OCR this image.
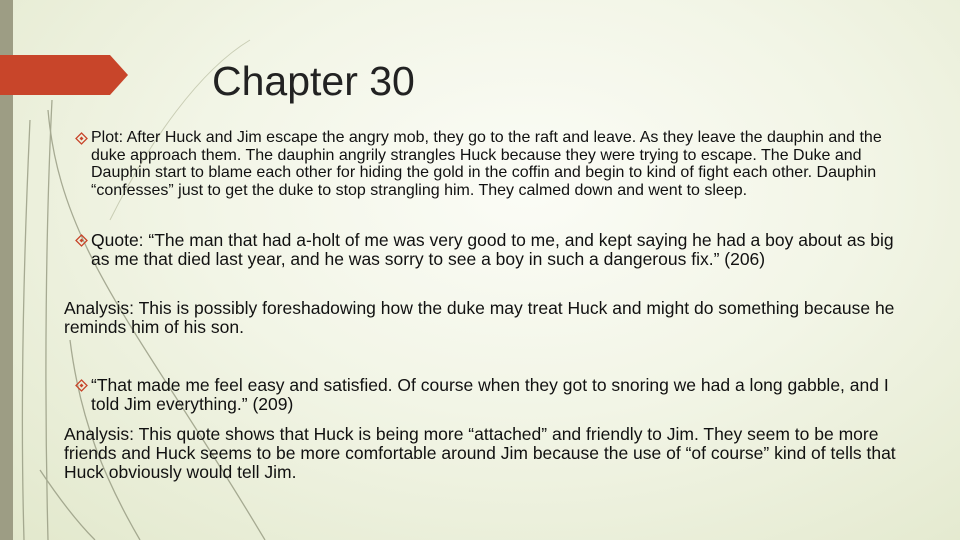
Chapter 30
Plot: After Huck and Jim escape the angry mob, they go to the raft and leave. As they leave the dauphin and the duke approach them. The dauphin angrily strangles Huck because they were trying to escape. The Duke and Dauphin start to blame each other for hiding the gold in the coffin and begin to kind of fight each other. Dauphin “confesses” just to get the duke to stop strangling him. They calmed down and went to sleep.
Quote: “The man that had a-holt of me was very good to me, and kept saying he had a boy about as big as me that died last year, and he was sorry to see a boy in such a dangerous fix.” (206)
Analysis: This is possibly foreshadowing how the duke may treat Huck and might do something because he reminds him of his son.
“That made me feel easy and satisfied. Of course when they got to snoring we had a long gabble, and I told Jim everything.” (209)
Analysis: This quote shows that Huck is being more “attached” and friendly to Jim. They seem to be more friends and Huck seems to be more comfortable around Jim because the use of “of course” kind of tells that Huck obviously would tell Jim.
